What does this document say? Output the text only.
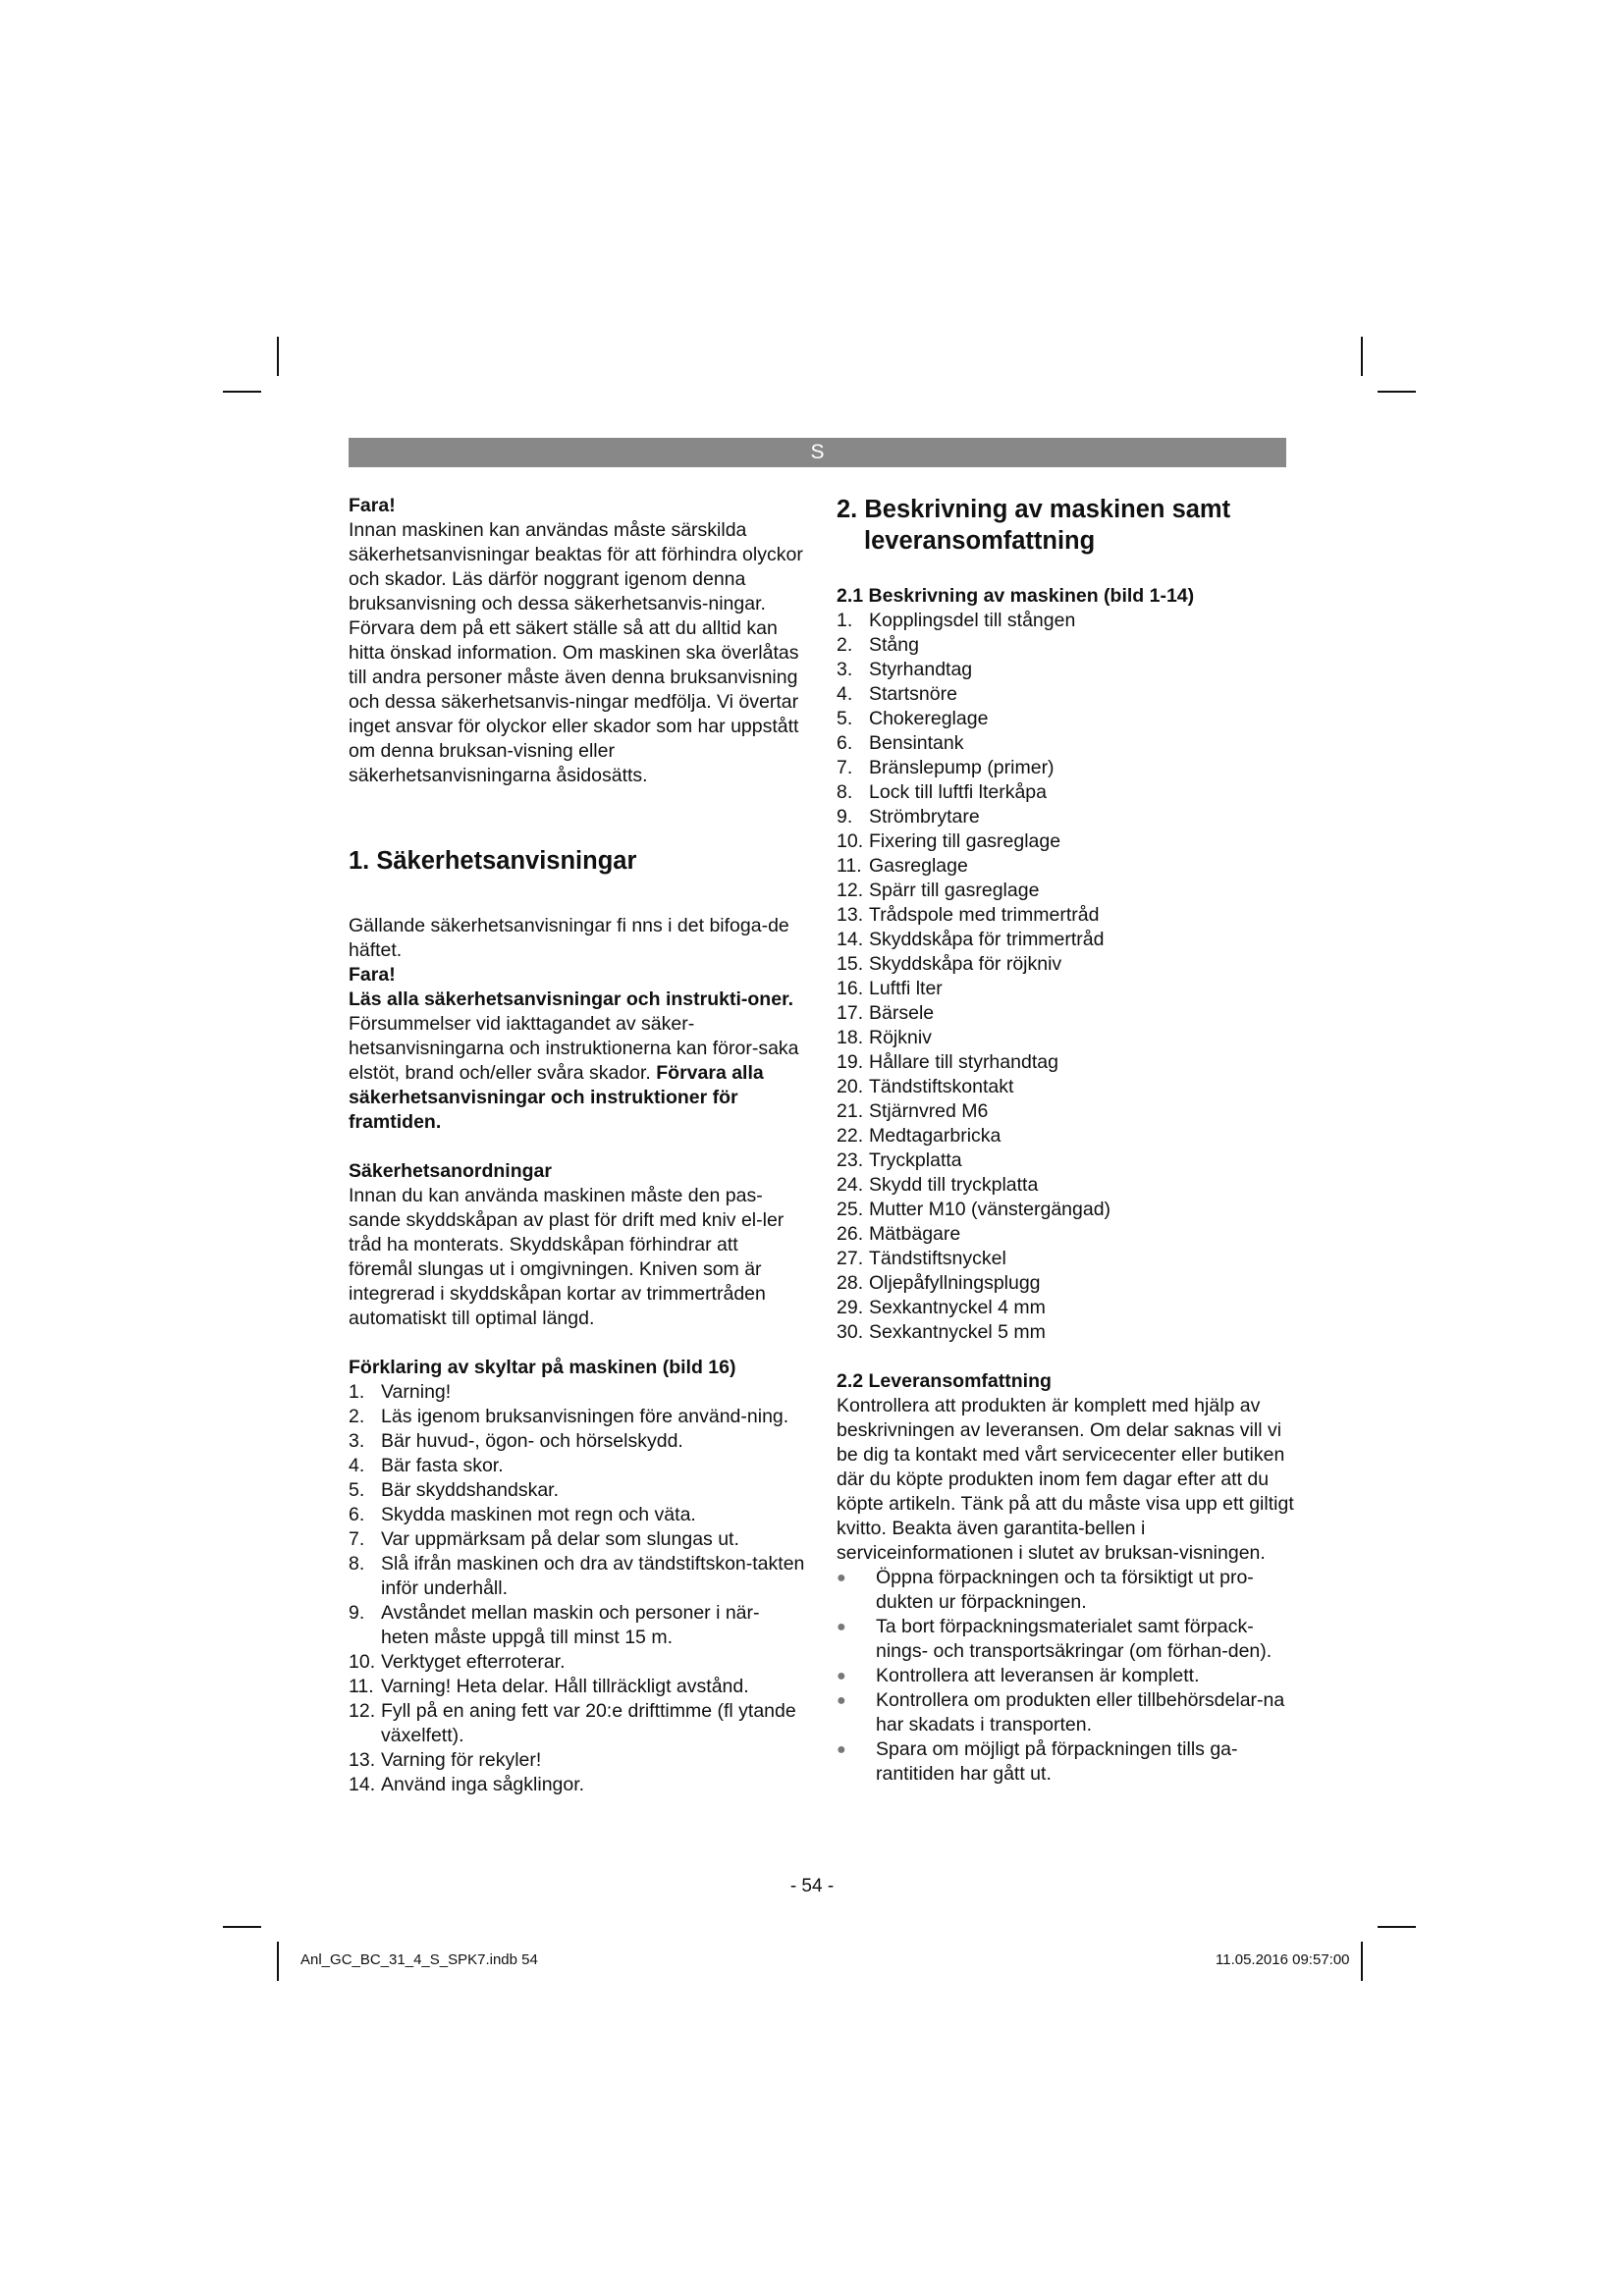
S

Fara!

Innan maskinen kan användas måste särskilda säkerhetsanvisningar beaktas för att förhindra olyckor och skador. Läs därför noggrant igenom denna bruksanvisning och dessa säkerhetsanvis-ningar. Förvara dem på ett säkert ställe så att du alltid kan hitta önskad information. Om maskinen ska överlåtas till andra personer måste även denna bruksanvisning och dessa säkerhetsanvis-ningar medfölja. Vi övertar inget ansvar för olyckor eller skador som har uppstått om denna bruksan-visning eller säkerhetsanvisningarna åsidosätts.

1. Säkerhetsanvisningar

Gällande säkerhetsanvisningar fi nns i det bifoga-de häftet.

Fara!

Läs alla säkerhetsanvisningar och instrukti-oner. Försummelser vid iakttagandet av säker-hetsanvisningarna och instruktionerna kan föror-saka elstöt, brand och/eller svåra skador. Förvara alla säkerhetsanvisningar och instruktioner för framtiden.

Säkerhetsanordningar

Innan du kan använda maskinen måste den pas-sande skyddskåpan av plast för drift med kniv el-ler tråd ha monterats. Skyddskåpan förhindrar att föremål slungas ut i omgivningen. Kniven som är integrerad i skyddskåpan kortar av trimmertråden automatiskt till optimal längd.

Förklaring av skyltar på maskinen (bild 16)

1. Varning!
2. Läs igenom bruksanvisningen före använd-ning.
3. Bär huvud-, ögon- och hörselskydd.
4. Bär fasta skor.
5. Bär skyddshandskar.
6. Skydda maskinen mot regn och väta.
7. Var uppmärksam på delar som slungas ut.
8. Slå ifrån maskinen och dra av tändstiftskon-takten inför underhåll.
9. Avståndet mellan maskin och personer i när-heten måste uppgå till minst 15 m.
10. Verktyget efterroterar.
11. Varning! Heta delar. Håll tillräckligt avstånd.
12. Fyll på en aning fett var 20:e drifttimme (fl ytande växelfett).
13. Varning för rekyler!
14. Använd inga sågklingor.

2. Beskrivning av maskinen samt leveransomfattning

2.1 Beskrivning av maskinen (bild 1-14)

1. Kopplingsdel till stången
2. Stång
3. Styrhandtag
4. Startsnöre
5. Chokereglage
6. Bensintank
7. Bränslepump (primer)
8. Lock till luftfi lterkåpa
9. Strömbrytare
10. Fixering till gasreglage
11. Gasreglage
12. Spärr till gasreglage
13. Trådspole med trimmertråd
14. Skyddskåpa för trimmertråd
15. Skyddskåpa för röjkniv
16. Luftfi lter
17. Bärsele
18. Röjkniv
19. Hållare till styrhandtag
20. Tändstiftskontakt
21. Stjärnvred M6
22. Medtagarbricka
23. Tryckplatta
24. Skydd till tryckplatta
25. Mutter M10 (vänstergängad)
26. Mätbägare
27. Tändstiftsnyckel
28. Oljepåfyllningsplugg
29. Sexkantnyckel 4 mm
30. Sexkantnyckel 5 mm

2.2 Leveransomfattning

Kontrollera att produkten är komplett med hjälp av beskrivningen av leveransen. Om delar saknas vill vi be dig ta kontakt med vårt servicecenter eller butiken där du köpte produkten inom fem dagar efter att du köpte artikeln. Tänk på att du måste visa upp ett giltigt kvitto. Beakta även garantita-bellen i serviceinformationen i slutet av bruksan-visningen.

●	Öppna förpackningen och ta försiktigt ut pro-dukten ur förpackningen.
●	Ta bort förpackningsmaterialet samt förpack-nings- och transportsäkringar (om förhan-den).
●	Kontrollera att leveransen är komplett.
●	Kontrollera om produkten eller tillbehörsdelar-na har skadats i transporten.
●	Spara om möjligt på förpackningen tills ga-rantitiden har gått ut.
- 54 -
Anl_GC_BC_31_4_S_SPK7.indb 54	11.05.2016 09:57:00
